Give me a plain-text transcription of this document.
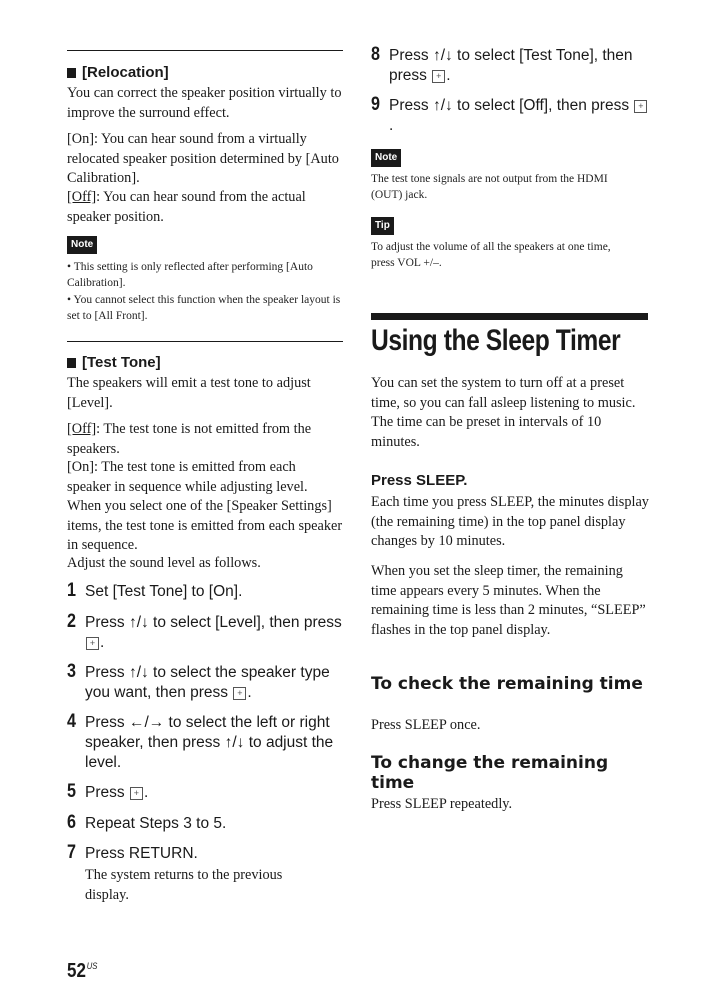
[Relocation]

You can correct the speaker position virtually to improve the surround effect.

[On]: You can hear sound from a virtually relocated speaker position determined by [Auto Calibration].

[Off]: You can hear sound from the actual speaker position.

Note

• This setting is only reflected after performing [Auto Calibration].

• You cannot select this function when the speaker layout is set to [All Front].

[Test Tone]

The speakers will emit a test tone to adjust [Level].

[Off]: The test tone is not emitted from the speakers.

[On]: The test tone is emitted from each speaker in sequence while adjusting level. When you select one of the [Speaker Settings] items, the test tone is emitted from each speaker in sequence.

Adjust the sound level as follows.

1 Set [Test Tone] to [On].
2 Press ↑/↓ to select [Level], then press + .
3 Press ↑/↓ to select the speaker type you want, then press + .
4 Press ←/→ to select the left or right speaker, then press ↑/↓ to adjust the level.
5 Press + .
6 Repeat Steps 3 to 5.
7 Press RETURN.

The system returns to the previous display.

$52^{US}$
8 Press ↑/↓ to select [Test Tone], then press + .
9 Press ↑/↓ to select [Off], then press +.
Note

The test tone signals are not output from the HDMI (OUT) jack.

Tip

To adjust the volume of all the speakers at one time, press VOL +/–.

Using the Sleep Timer

You can set the system to turn off at a preset time, so you can fall asleep listening to music. The time can be preset in intervals of 10 minutes.

Press SLEEP.

Each time you press SLEEP, the minutes display (the remaining time) in the top panel display changes by 10 minutes.

When you set the sleep timer, the remaining time appears every 5 minutes. When the remaining time is less than 2 minutes, “SLEEP” flashes in the top panel display.

To check the remaining time

Press SLEEP once.

To change the remaining time

Press SLEEP repeatedly.
